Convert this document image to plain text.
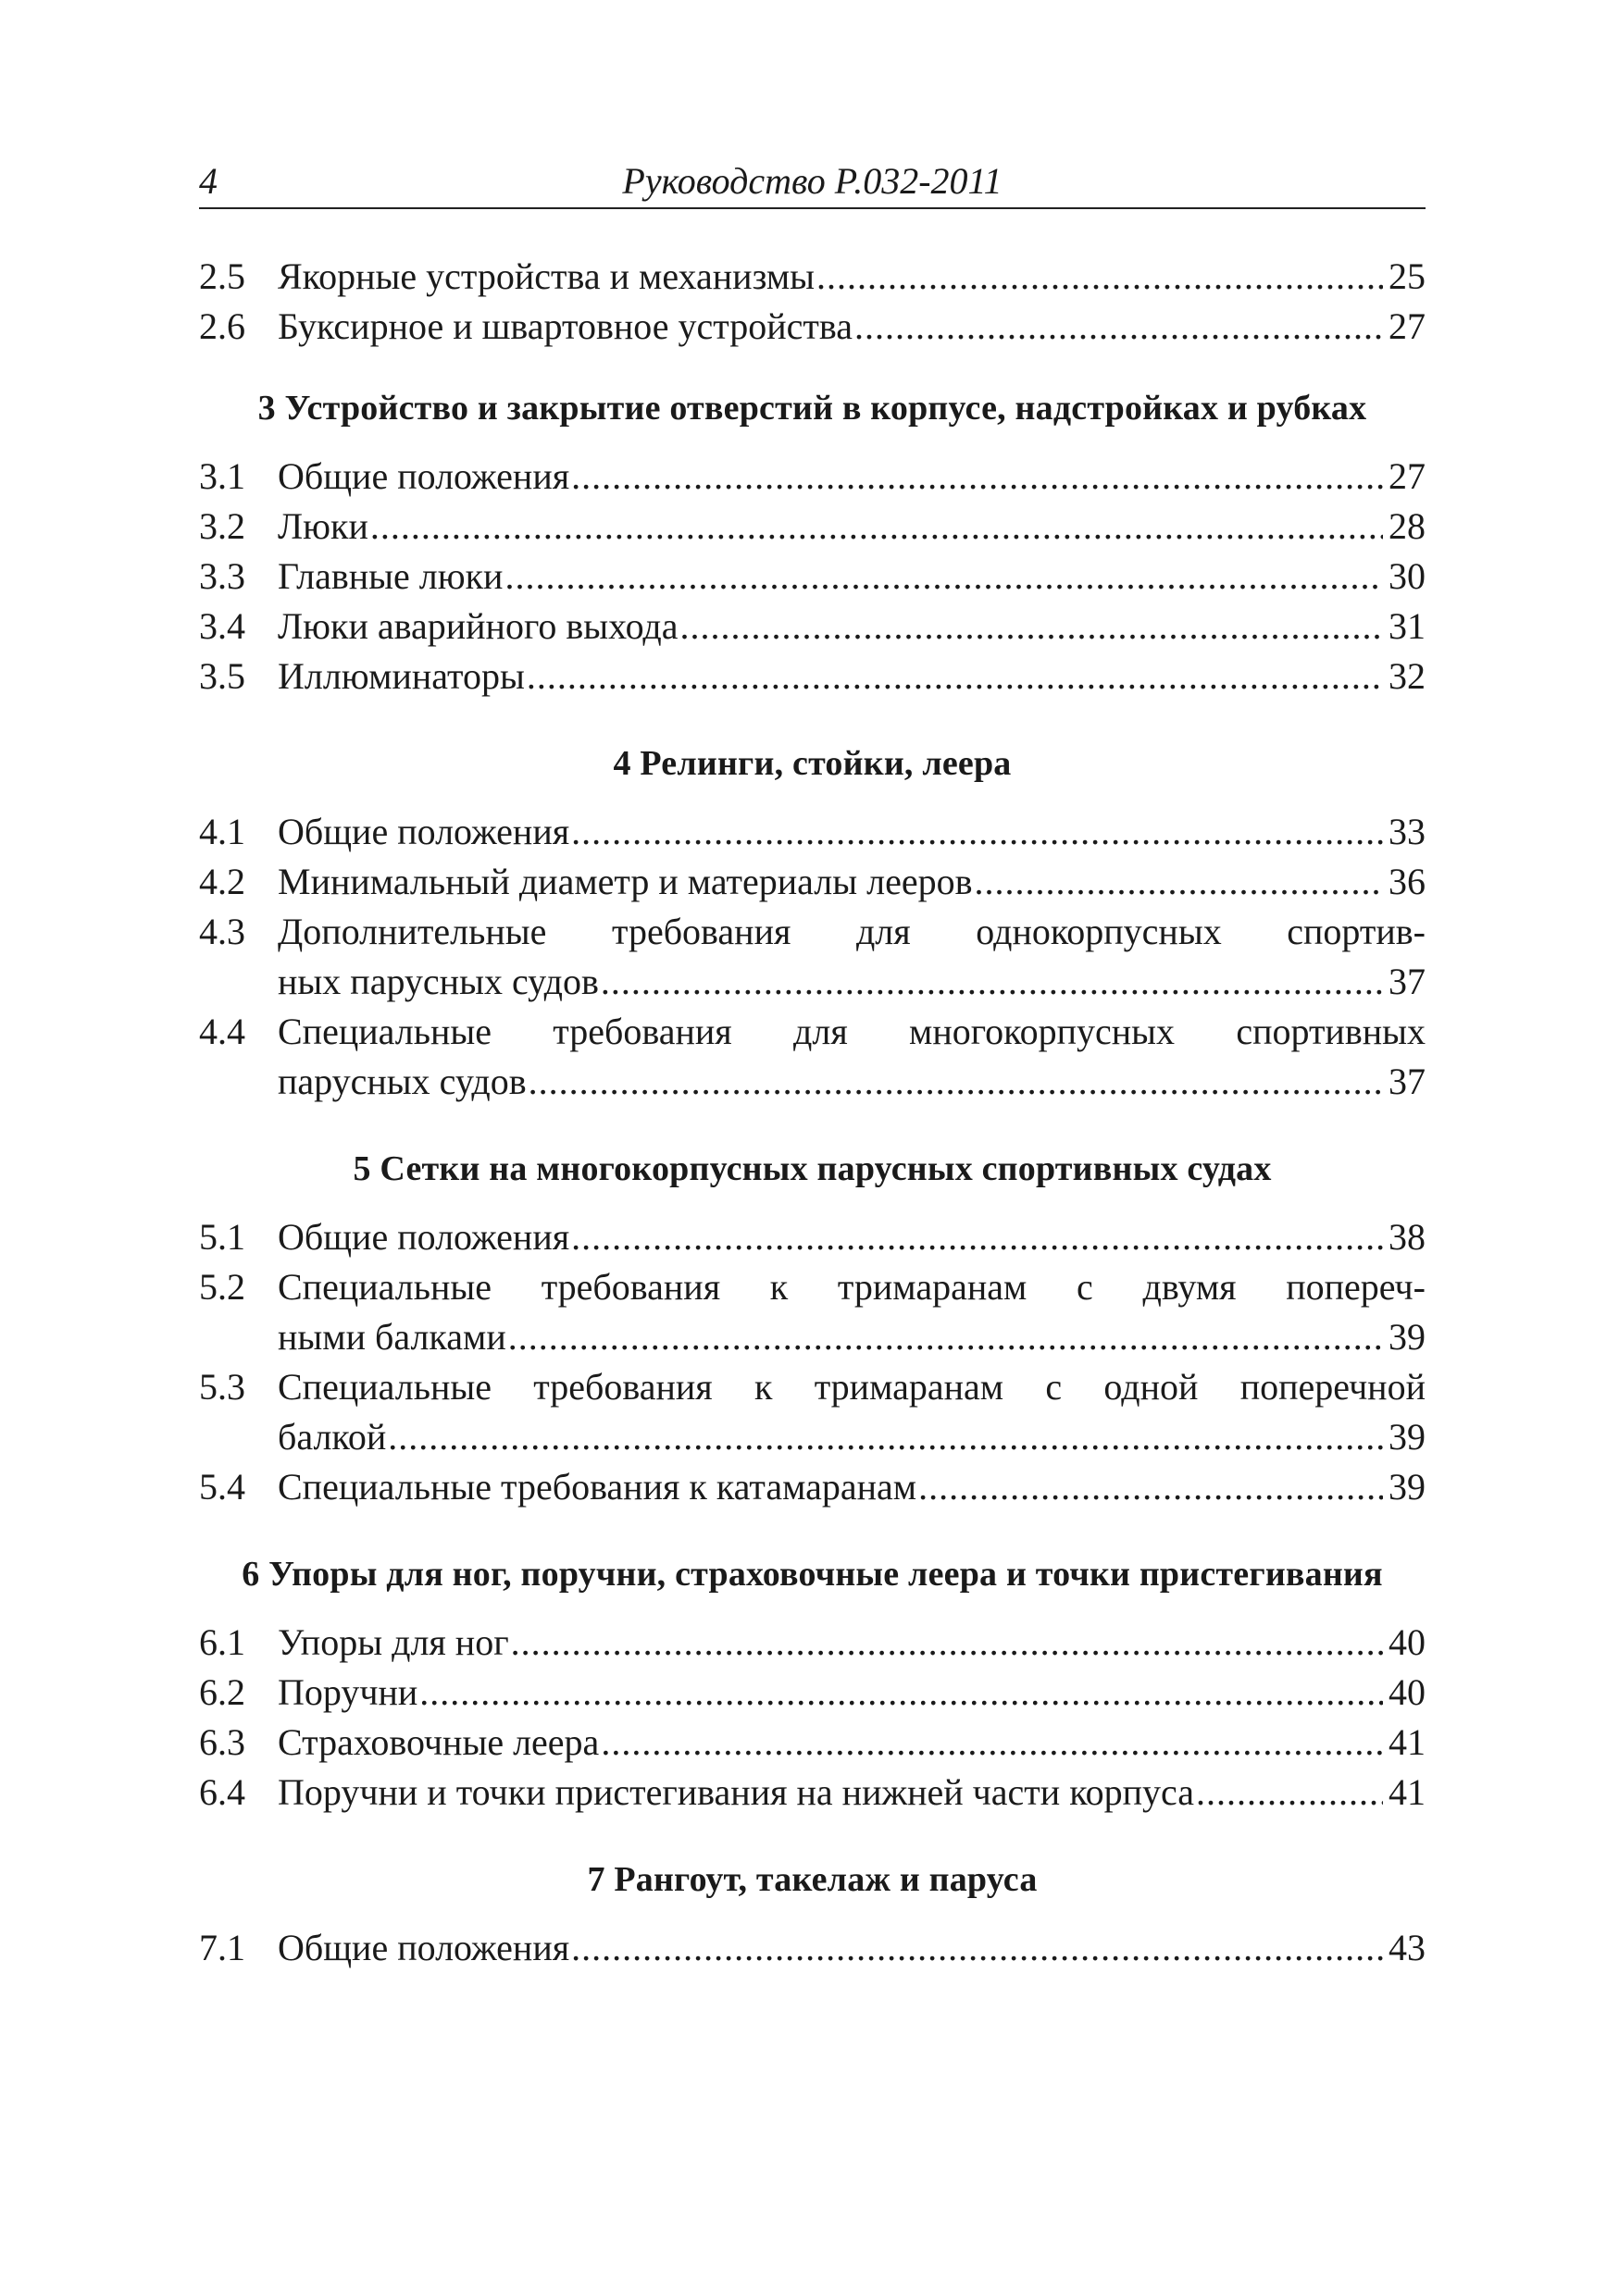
4	Руководство Р.032-2011
2.5 Якорные устройства и механизмы .....	25
2.6 Буксирное и швартовное устройства .....	27
3 Устройство и закрытие отверстий в корпусе, надстройках и рубках
3.1 Общие положения .....	27
3.2 Люки .....	28
3.3 Главные люки .....	30
3.4 Люки аварийного выхода .....	31
3.5 Иллюминаторы .....	32
4 Релинги, стойки, леера
4.1 Общие положения .....	33
4.2 Минимальный диаметр и материалы лееров .....	36
4.3 Дополнительные требования для однокорпусных спортив-
ных парусных судов .....	37
4.4 Специальные требования для многокорпусных спортивных
парусных судов .....	37
5 Сетки на многокорпусных парусных спортивных судах
5.1 Общие положения .....	38
5.2 Специальные требования к тримаранам с двумя попереч-
ными балками .....	39
5.3 Специальные требования к тримаранам с одной поперечной
балкой .....	39
5.4 Специальные требования к катамаранам .....	39
6 Упоры для ног, поручни, страховочные леера и точки пристегивания
6.1 Упоры для ног .....	40
6.2 Поручни .....	40
6.3 Страховочные леера .....	41
6.4 Поручни и точки пристегивания на нижней части корпуса .....	41
7 Рангоут, такелаж и паруса
7.1 Общие положения .....	43
